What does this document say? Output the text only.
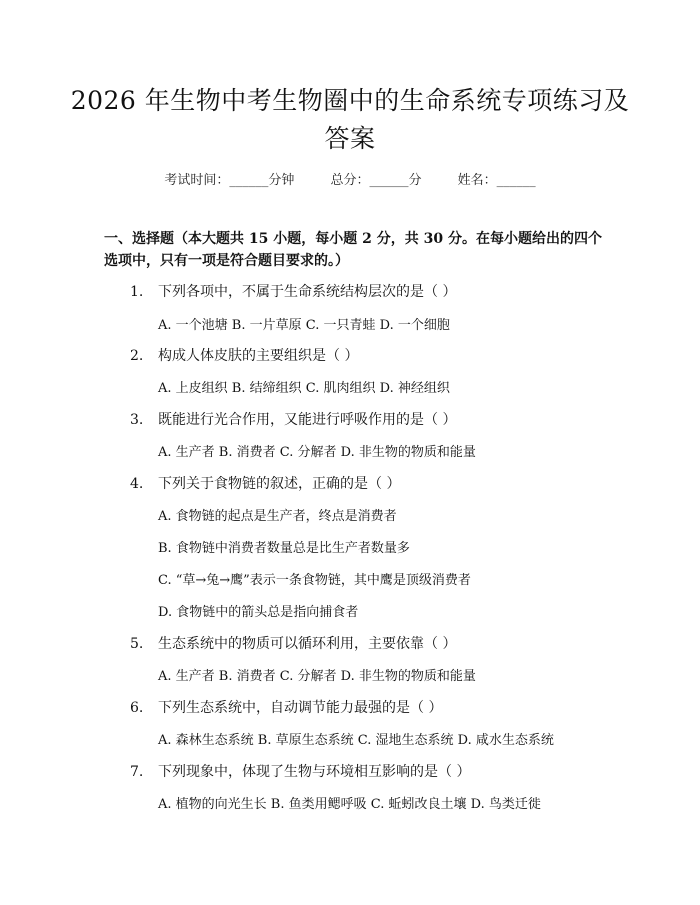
2026 年生物中考生物圈中的生命系统专项练习及答案
考试时间：______分钟	总分：______分	姓名：______
一、选择题（本大题共 15 小题，每小题 2 分，共 30 分。在每小题给出的四个选项中，只有一项是符合题目要求的。）
1. 下列各项中，不属于生命系统结构层次的是（ ）
A. 一个池塘 B. 一片草原 C. 一只青蛙 D. 一个细胞
2. 构成人体皮肤的主要组织是（ ）
A. 上皮组织 B. 结缔组织 C. 肌肉组织 D. 神经组织
3. 既能进行光合作用，又能进行呼吸作用的是（ ）
A. 生产者 B. 消费者 C. 分解者 D. 非生物的物质和能量
4. 下列关于食物链的叙述，正确的是（ ）
A. 食物链的起点是生产者，终点是消费者
B. 食物链中消费者数量总是比生产者数量多
C. “草→兔→鹰”表示一条食物链，其中鹰是顶级消费者
D. 食物链中的箭头总是指向捕食者
5. 生态系统中的物质可以循环利用，主要依靠（ ）
A. 生产者 B. 消费者 C. 分解者 D. 非生物的物质和能量
6. 下列生态系统中，自动调节能力最强的是（ ）
A. 森林生态系统 B. 草原生态系统 C. 湿地生态系统 D. 咸水生态系统
7. 下列现象中，体现了生物与环境相互影响的是（ ）
A. 植物的向光生长 B. 鱼类用鳃呼吸 C. 蚯蚓改良土壤 D. 鸟类迁徙
